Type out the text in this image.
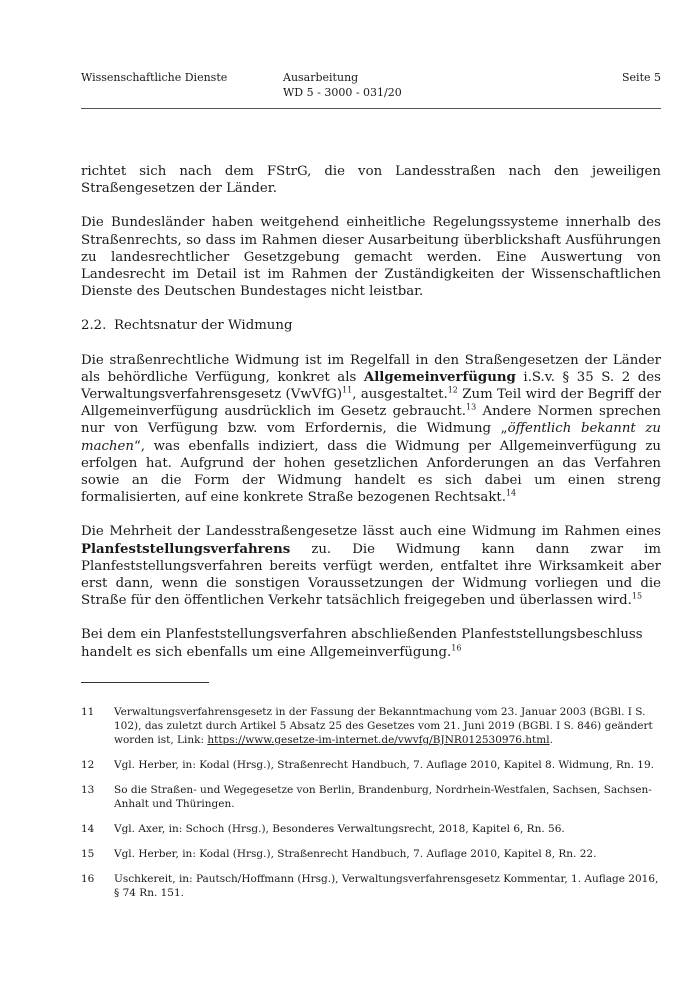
Wissenschaftliche Dienste	Ausarbeitung
WD 5 - 3000 - 031/20
Seite 5

richtet sich nach dem FStrG, die von Landesstraßen nach den jeweiligen Straßengesetzen der Länder.

Die Bundesländer haben weitgehend einheitliche Regelungssysteme innerhalb des Straßenrechts, so dass im Rahmen dieser Ausarbeitung überblickshaft Ausführungen zu landesrechtlicher Gesetzgebung gemacht werden. Eine Auswertung von Landesrecht im Detail ist im Rahmen der Zuständigkeiten der Wissenschaftlichen Dienste des Deutschen Bundestages nicht leistbar.

2.2. Rechtsnatur der Widmung

Die straßenrechtliche Widmung ist im Regelfall in den Straßengesetzen der Länder als behördliche Verfügung, konkret als Allgemeinverfügung i.S.v. § 35 S. 2 des Verwaltungsverfahrensgesetz (VwVfG)$^{11}$, ausgestaltet.$^{12}$ Zum Teil wird der Begriff der Allgemeinverfügung ausdrücklich im Gesetz gebraucht.$^{13}$ Andere Normen sprechen nur von Verfügung bzw. vom Erfordernis, die Widmung „öffentlich bekannt zu machen“, was ebenfalls indiziert, dass die Widmung per Allgemeinverfügung zu erfolgen hat. Aufgrund der hohen gesetzlichen Anforderungen an das Verfahren sowie an die Form der Widmung handelt es sich dabei um einen streng formalisierten, auf eine konkrete Straße bezogenen Rechtsakt.$^{14}$

Die Mehrheit der Landesstraßengesetze lässt auch eine Widmung im Rahmen eines Planfeststellungsverfahrens zu. Die Widmung kann dann zwar im Planfeststellungsverfahren bereits verfügt werden, entfaltet ihre Wirksamkeit aber erst dann, wenn die sonstigen Voraussetzungen der Widmung vorliegen und die Straße für den öffentlichen Verkehr tatsächlich freigegeben und überlassen wird.$^{15}$

Bei dem ein Planfeststellungsverfahren abschließenden Planfeststellungsbeschluss handelt es sich ebenfalls um eine Allgemeinverfügung.$^{16}$

11 Verwaltungsverfahrensgesetz in der Fassung der Bekanntmachung vom 23. Januar 2003 (BGBl. I S. 102), das zuletzt durch Artikel 5 Absatz 25 des Gesetzes vom 21. Juni 2019 (BGBl. I S. 846) geändert worden ist, Link: https://www.gesetze-im-internet.de/vwvfg/BJNR012530976.html.
12 Vgl. Herber, in: Kodal (Hrsg.), Straßenrecht Handbuch, 7. Auflage 2010, Kapitel 8. Widmung, Rn. 19.
13 So die Straßen- und Wegegesetze von Berlin, Brandenburg, Nordrhein-Westfalen, Sachsen, Sachsen-Anhalt und Thüringen.
14 Vgl. Axer, in: Schoch (Hrsg.), Besonderes Verwaltungsrecht, 2018, Kapitel 6, Rn. 56.
15 Vgl. Herber, in: Kodal (Hrsg.), Straßenrecht Handbuch, 7. Auflage 2010, Kapitel 8, Rn. 22.
16 Uschkereit, in: Pautsch/Hoffmann (Hrsg.), Verwaltungsverfahrensgesetz Kommentar, 1. Auflage 2016, § 74 Rn. 151.
